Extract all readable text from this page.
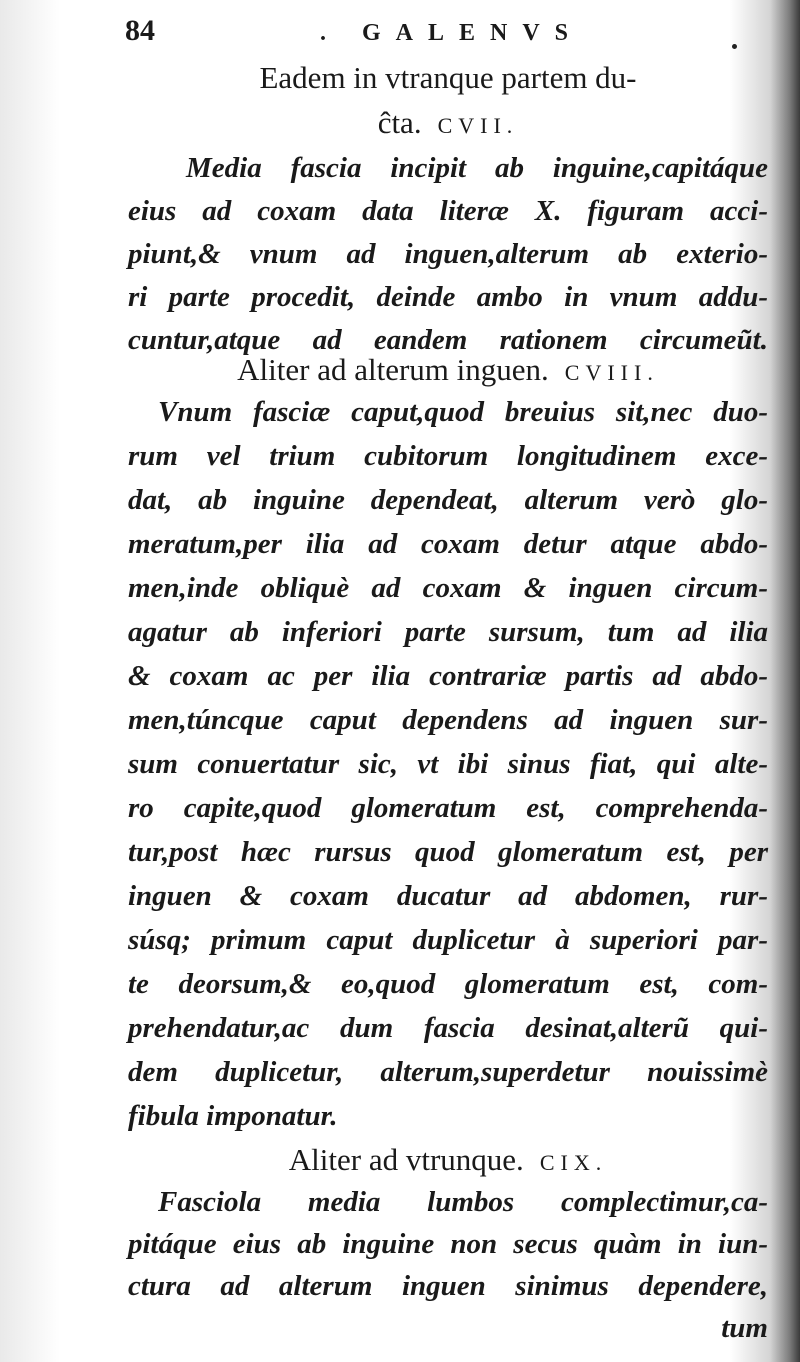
84	. GALENVS
Eadem in vtranque partem du-
ĉta. CVII.
Media fascia incipit ab inguine,capitáque
eius ad coxam data literæ X. figuram acci-
piunt,& vnum ad inguen,alterum ab exterio-
ri parte procedit, deinde ambo in vnum addu-
cuntur,atque ad eandem rationem circumeũt.
Aliter ad alterum inguen. CVIII.
Vnum fasciæ caput,quod breuius sit,nec duo-
rum vel trium cubitorum longitudinem exce-
dat, ab inguine dependeat, alterum verò glo-
meratum,per ilia ad coxam detur atque abdo-
men,inde obliquè ad coxam & inguen circum-
agatur ab inferiori parte sursum, tum ad ilia
& coxam ac per ilia contrariæ partis ad abdo-
men,túncque caput dependens ad inguen sur-
sum conuertatur sic, vt ibi sinus fiat, qui alte-
ro capite,quod glomeratum est, comprehenda-
tur,post hæc rursus quod glomeratum est, per
inguen & coxam ducatur ad abdomen, rur-
súsq; primum caput duplicetur à superiori par-
te deorsum,& eo,quod glomeratum est, com-
prehendatur,ac dum fascia desinat,alterũ qui-
dem duplicetur, alterum,superdetur nouissimè
fibula imponatur.
Aliter ad vtrunque. CIX.
Fasciola media lumbos complectimur,ca-
pitáque eius ab inguine non secus quàm in iun-
ctura ad alterum inguen sinimus dependere,
tum
